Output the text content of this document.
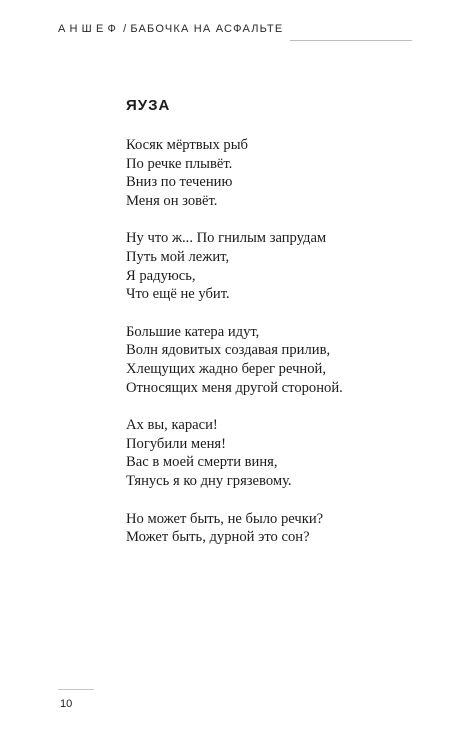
АНШЕФ / БАБОЧКА НА АСФАЛЬТЕ
ЯУЗА
Косяк мёртвых рыб
По речке плывёт.
Вниз по течению
Меня он зовёт.
Ну что ж... По гнилым запрудам
Путь мой лежит,
Я радуюсь,
Что ещё не убит.
Большие катера идут,
Волн ядовитых создавая прилив,
Хлещущих жадно берег речной,
Относящих меня другой стороной.
Ах вы, караси!
Погубили меня!
Вас в моей смерти виня,
Тянусь я ко дну грязевому.
Но может быть, не было речки?
Может быть, дурной это сон?
10
